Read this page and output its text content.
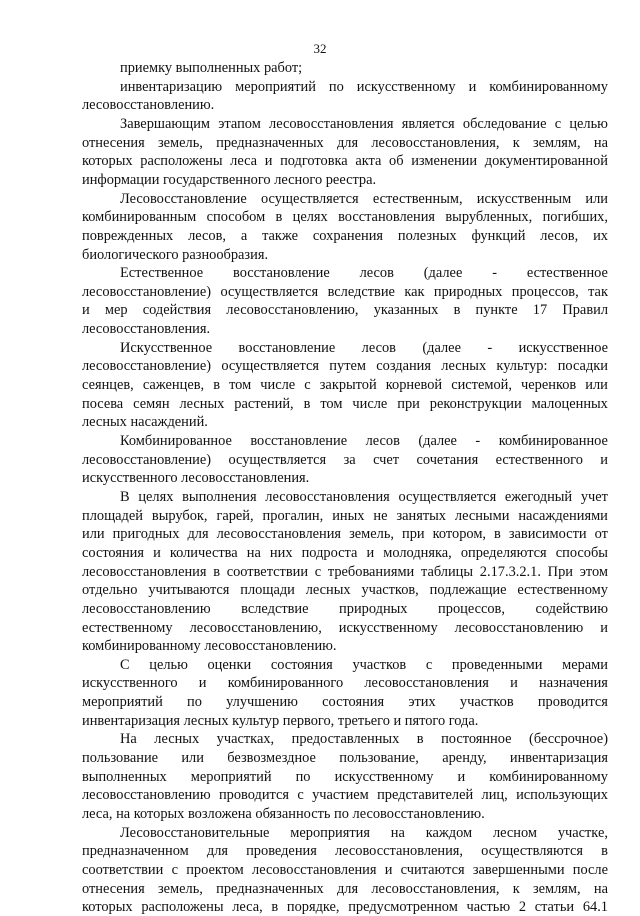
32
приемку выполненных работ;
инвентаризацию мероприятий по искусственному и комбинированному
лесовосстановлению.
Завершающим этапом лесовосстановления является обследование с целью
отнесения земель, предназначенных для лесовосстановления, к землям, на
которых расположены леса и подготовка акта об изменении документированной
информации государственного лесного реестра.
Лесовосстановление осуществляется естественным, искусственным или
комбинированным способом в целях восстановления вырубленных, погибших,
поврежденных лесов, а также сохранения полезных функций лесов, их
биологического разнообразия.
Естественное восстановление лесов (далее - естественное
лесовосстановление) осуществляется вследствие как природных процессов, так
и мер содействия лесовосстановлению, указанных в пункте 17 Правил
лесовосстановления.
Искусственное восстановление лесов (далее - искусственное
лесовосстановление) осуществляется путем создания лесных культур: посадки
сеянцев, саженцев, в том числе с закрытой корневой системой, черенков или
посева семян лесных растений, в том числе при реконструкции малоценных
лесных насаждений.
Комбинированное восстановление лесов (далее - комбинированное
лесовосстановление) осуществляется за счет сочетания естественного и
искусственного лесовосстановления.
В целях выполнения лесовосстановления осуществляется ежегодный учет
площадей вырубок, гарей, прогалин, иных не занятых лесными насаждениями
или пригодных для лесовосстановления земель, при котором, в зависимости от
состояния и количества на них подроста и молодняка, определяются способы
лесовосстановления в соответствии с требованиями таблицы 2.17.3.2.1. При этом
отдельно учитываются площади лесных участков, подлежащие естественному
лесовосстановлению вследствие природных процессов, содействию
естественному лесовосстановлению, искусственному лесовосстановлению и
комбинированному лесовосстановлению.
С целью оценки состояния участков с проведенными мерами
искусственного и комбинированного лесовосстановления и назначения
мероприятий по улучшению состояния этих участков проводится
инвентаризация лесных культур первого, третьего и пятого года.
На лесных участках, предоставленных в постоянное (бессрочное)
пользование или безвозмездное пользование, аренду, инвентаризация
выполненных мероприятий по искусственному и комбинированному
лесовосстановлению проводится с участием представителей лиц, использующих
леса, на которых возложена обязанность по лесовосстановлению.
Лесовосстановительные мероприятия на каждом лесном участке,
предназначенном для проведения лесовосстановления, осуществляются в
соответствии с проектом лесовосстановления и считаются завершенными после
отнесения земель, предназначенных для лесовосстановления, к землям, на
которых расположены леса, в порядке, предусмотренном частью 2 статьи 64.1
